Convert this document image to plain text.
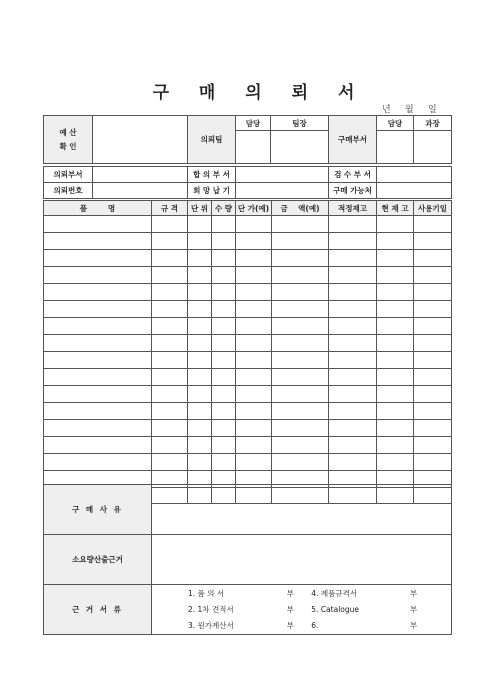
구 매 의 뢰 서
년 월 일
예 산
확 인		의뢰팀	담당	팀장	구매부서	담당	과장

의뢰부서		합 의 부 서		검 수 부 서	
의뢰번호		희 망 납 기		구매 가능처	
품        명	규 격	단 위	수 량	단 가(예)	금    액(예)	적정재고	현 재 고	사용기일

구 매 사 유	
소요량산출근거	
근 거 서 류	
1. 품 의 서	부	4. 제품규격서	부
2. 1차 견적서	부	5. Catalogue	부
3. 원가계산서	부	6.	부
